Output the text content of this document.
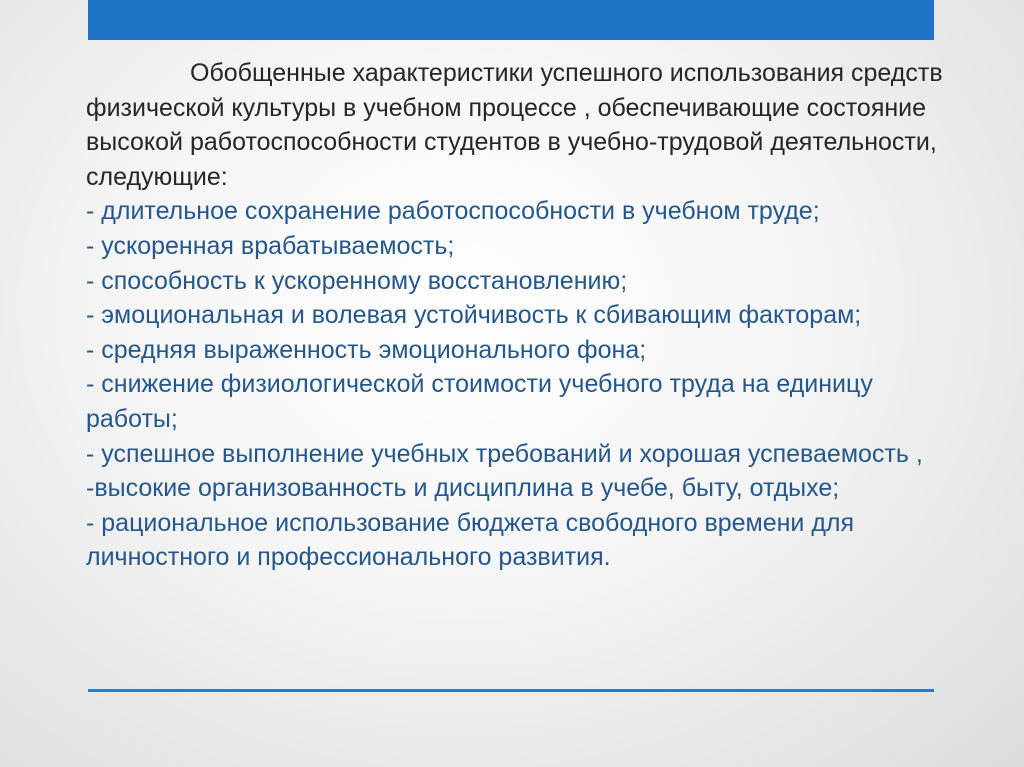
Обобщенные характеристики успешного использования средств физической культуры в учебном процессе , обеспечивающие состояние высокой работоспособности студентов в учебно-трудовой деятельности, следующие:

- длительное сохранение работоспособности в учебном труде;
- ускоренная врабатываемость;
- способность к ускоренному восстановлению;
- эмоциональная и волевая устойчивость к сбивающим факторам;
- средняя выраженность эмоционального фона;
- снижение физиологической стоимости учебного труда на единицу работы;
- успешное выполнение учебных требований и хорошая успеваемость ,
-высокие организованность и дисциплина в учебе, быту, отдыхе;
- рациональное использование бюджета свободного времени для личностного и профессионального развития.
